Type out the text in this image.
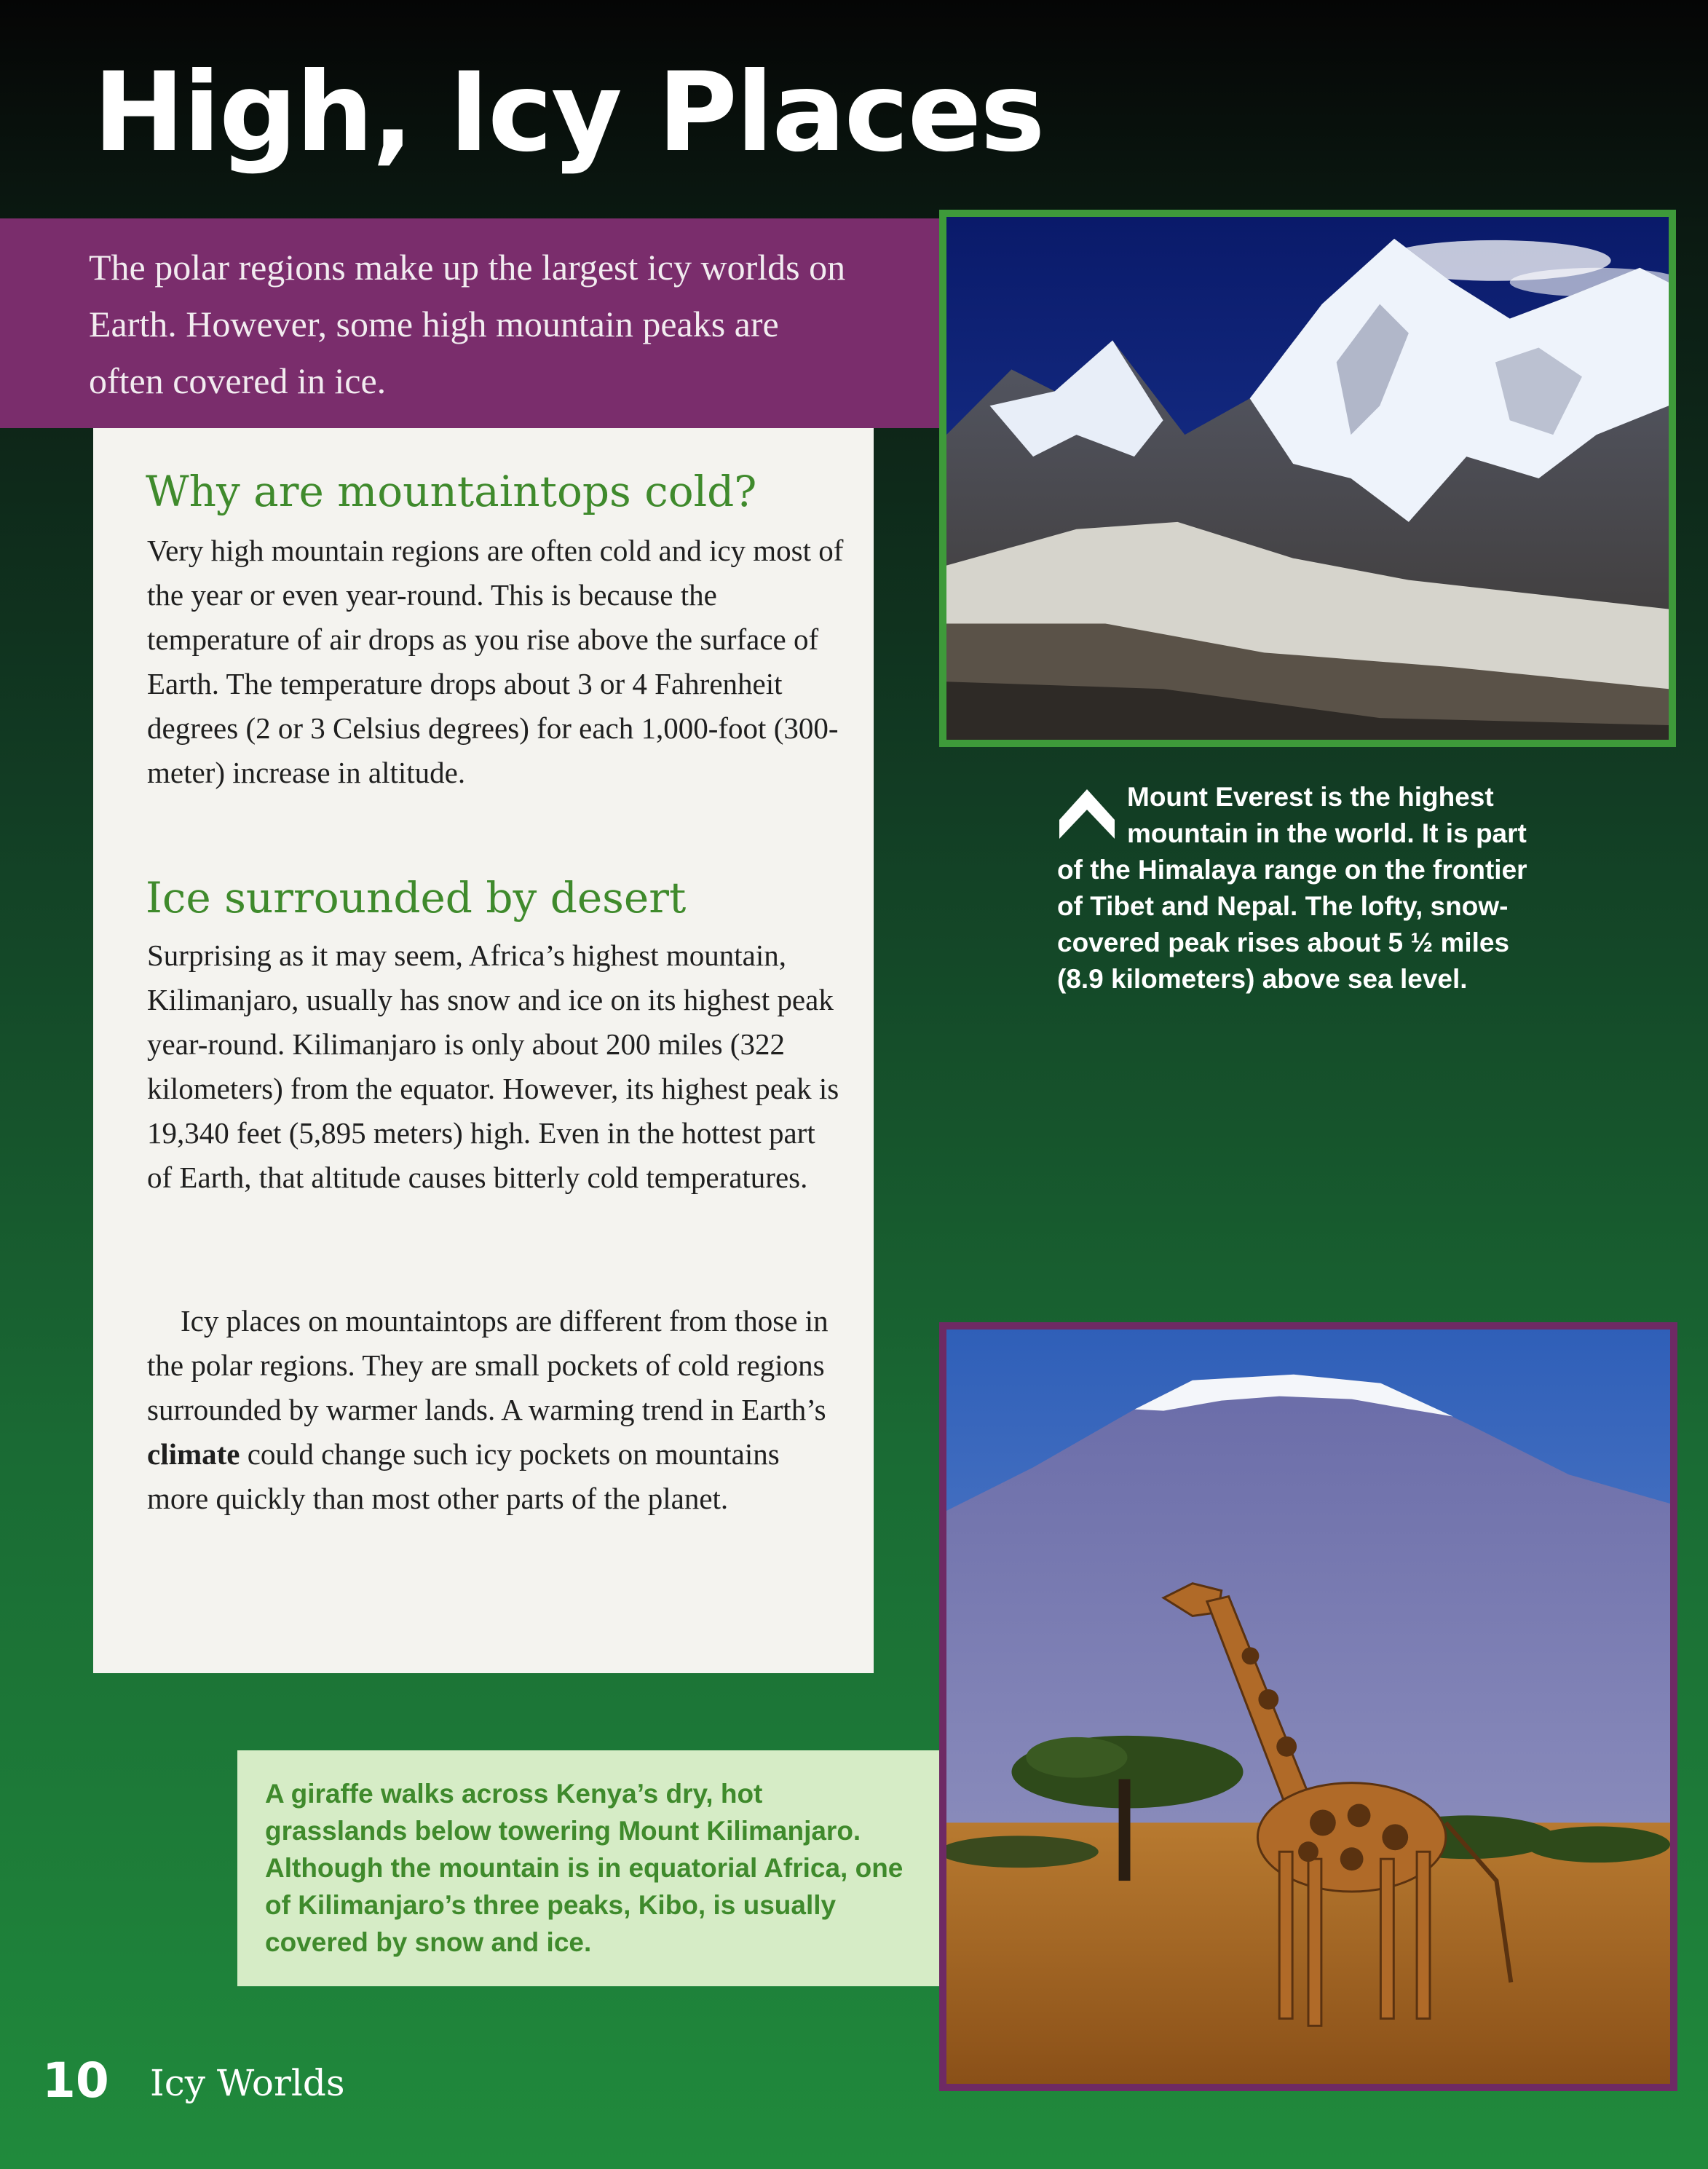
High, Icy Places

The polar regions make up the largest icy worlds on Earth. However, some high mountain peaks are often covered in ice.

Why are mountaintops cold?

Very high mountain regions are often cold and icy most of the year or even year-round. This is because the temperature of air drops as you rise above the surface of Earth. The temperature drops about 3 or 4 Fahrenheit degrees (2 or 3 Celsius degrees) for each 1,000-foot (300-meter) increase in altitude.

Ice surrounded by desert

Surprising as it may seem, Africa’s highest mountain, Kilimanjaro, usually has snow and ice on its highest peak year-round. Kilimanjaro is only about 200 miles (322 kilometers) from the equator. However, its highest peak is 19,340 feet (5,895 meters) high. Even in the hottest part of Earth, that altitude causes bitterly cold temperatures.

Icy places on mountaintops are different from those in the polar regions. They are small pockets of cold regions surrounded by warmer lands. A warming trend in Earth’s climate could change such icy pockets on mountains more quickly than most other parts of the planet.

Mount Everest is the highest mountain in the world. It is part of the Himalaya range on the frontier of Tibet and Nepal. The lofty, snow-covered peak rises about 5 ½ miles (8.9 kilometers) above sea level.

A giraffe walks across Kenya’s dry, hot grasslands below towering Mount Kilimanjaro. Although the mountain is in equatorial Africa, one of Kilimanjaro’s three peaks, Kibo, is usually covered by snow and ice.

10 Icy Worlds
